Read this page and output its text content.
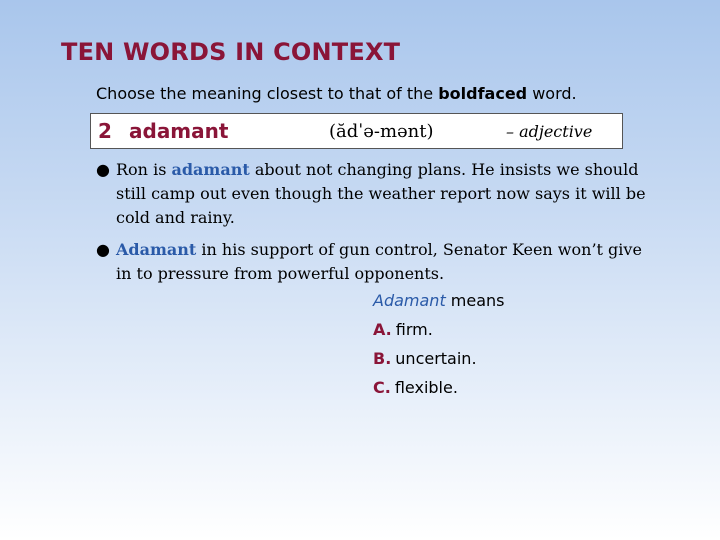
TEN WORDS IN CONTEXT
Choose the meaning closest to that of the boldfaced word.
2 adamant	(ădˈə-mənt)	– adjective
● Ron is adamant about not changing plans. He insists we should still camp out even though the weather report now says it will be cold and rainy.
● Adamant in his support of gun control, Senator Keen won’t give in to pressure from powerful opponents.
Adamant means
A. firm.
B. uncertain.
C. flexible.
